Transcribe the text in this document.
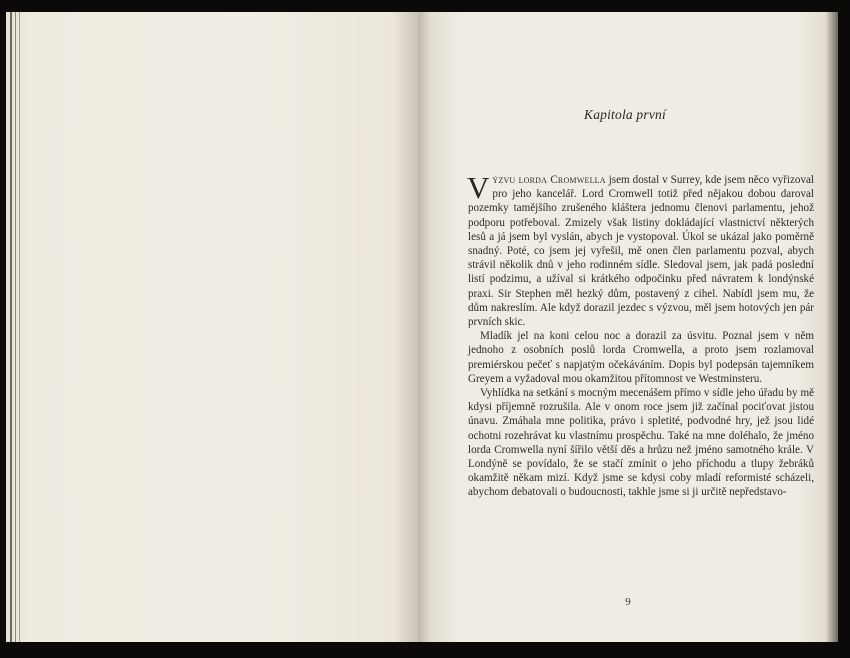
Kapitola první

Výzvu lorda Cromwella jsem dostal v Surrey, kde jsem něco vyřizoval pro jeho kancelář. Lord Cromwell totiž před nějakou dobou daroval pozemky tamějšího zrušeného kláštera jednomu členovi parlamentu, jehož podporu potřeboval. Zmizely však listiny dokládající vlastnictví některých lesů a já jsem byl vyslán, abych je vystopoval. Úkol se ukázal jako poměrně snadný. Poté, co jsem jej vyřešil, mě onen člen parlamentu pozval, abych strávil několik dnů v jeho rodinném sídle. Sledoval jsem, jak padá poslední listí podzimu, a užíval si krátkého odpočinku před návratem k londýnské praxi. Sir Stephen měl hezký dům, postavený z cihel. Nabídl jsem mu, že dům nakreslím. Ale když dorazil jezdec s výzvou, měl jsem hotových jen pár prvních skic.

Mladík jel na koni celou noc a dorazil za úsvitu. Poznal jsem v něm jednoho z osobních poslů lorda Cromwella, a proto jsem rozlamoval premiérskou pečeť s napjatým očekáváním. Dopis byl podepsán tajemníkem Greyem a vyžadoval mou okamžitou přítomnost ve Westminsteru.

Vyhlídka na setkání s mocným mecenášem přímo v sídle jeho úřadu by mě kdysi příjemně rozrušila. Ale v onom roce jsem již začínal pociťovat jistou únavu. Zmáhala mne politika, právo i spletité, podvodné hry, jež jsou lidé ochotni rozehrávat ku vlastnímu prospěchu. Také na mne doléhalo, že jméno lorda Cromwella nyní šířilo větší děs a hrůzu než jméno samotného krále. V Londýně se povídalo, že se stačí zmínit o jeho příchodu a tlupy žebráků okamžitě někam mizí. Když jsme se kdysi coby mladí reformisté scházeli, abychom debatovali o budoucnosti, takhle jsme si ji určitě nepředstavo-

9
